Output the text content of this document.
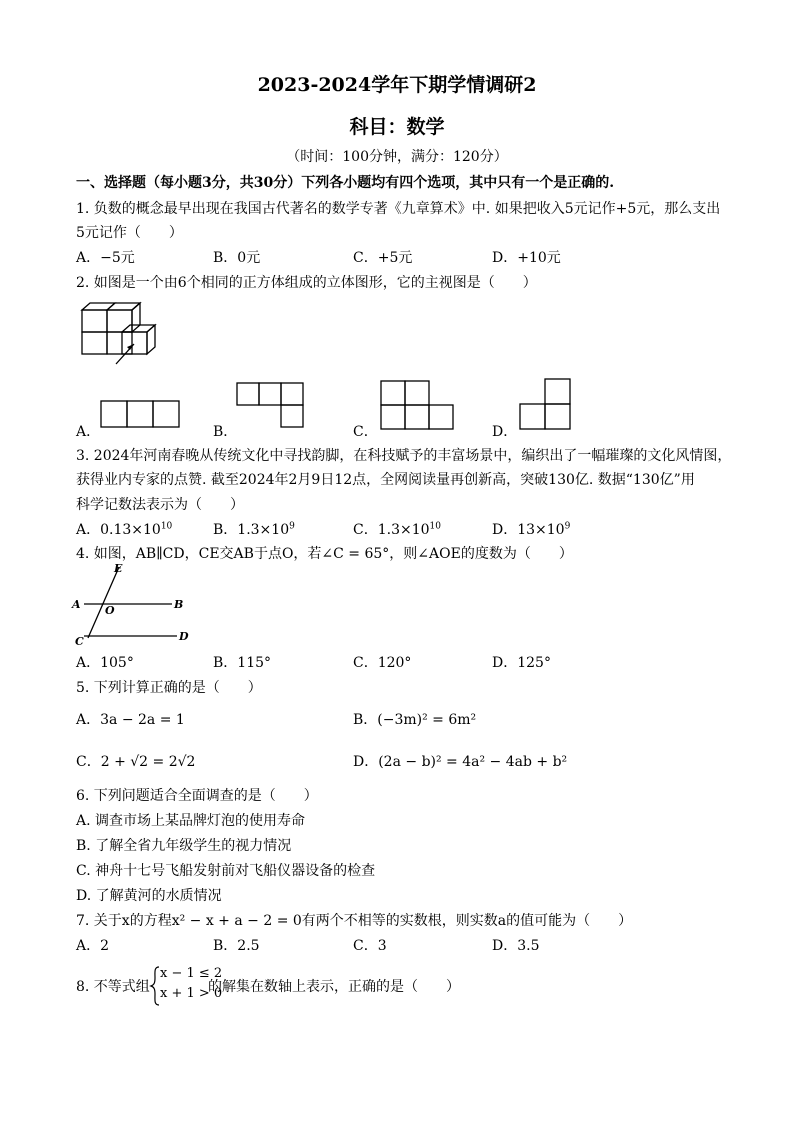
2023-2024学年下期学情调研2
科目：数学
（时间：100分钟，满分：120分）
一、选择题（每小题3分，共30分）下列各小题均有四个选项，其中只有一个是正确的.
1. 负数的概念最早出现在我国古代著名的数学专著《九章算术》中. 如果把收入5元记作+5元，那么支出
5元记作（　　）
A．−5元	B．0元	C．+5元	D．+10元
2. 如图是一个由6个相同的正方体组成的立体图形，它的主视图是（　　）
A．	B．	C．	D．
3. 2024年河南春晚从传统文化中寻找韵脚，在科技赋予的丰富场景中，编织出了一幅璀璨的文化风情图，
获得业内专家的点赞. 截至2024年2月9日12点，全网阅读量再创新高，突破130亿. 数据“130亿”用
科学记数法表示为（　　）
A．$0.13\times 10^{10}$	B．$1.3\times 10^9$	C．$1.3\times 10^{10}$	D．$13\times 10^9$
4. 如图，AB∥CD，CE交AB于点O，若∠C = 65°，则∠AOE的度数为（　　）
E
A O	B
C	D
A．105°	B．115°	C．120°	D．125°
5. 下列计算正确的是（　　）
A．3a − 2a = 1	B．(−3m)² = 6m²
C．2 + √2 = 2√2	D．(2a − b)² = 4a² − 4ab + b²
6. 下列问题适合全面调查的是（　　）
A. 调查市场上某品牌灯泡的使用寿命
B. 了解全省九年级学生的视力情况
C. 神舟十七号飞船发射前对飞船仪器设备的检查
D. 了解黄河的水质情况
7. 关于x的方程x² − x + a − 2 = 0有两个不相等的实数根，则实数a的值可能为（　　）
A．2	B．2.5	C．3	D．3.5
8. 不等式组
x − 1 ≤ 2
x + 1 > 0
的解集在数轴上表示，正确的是（　　）
